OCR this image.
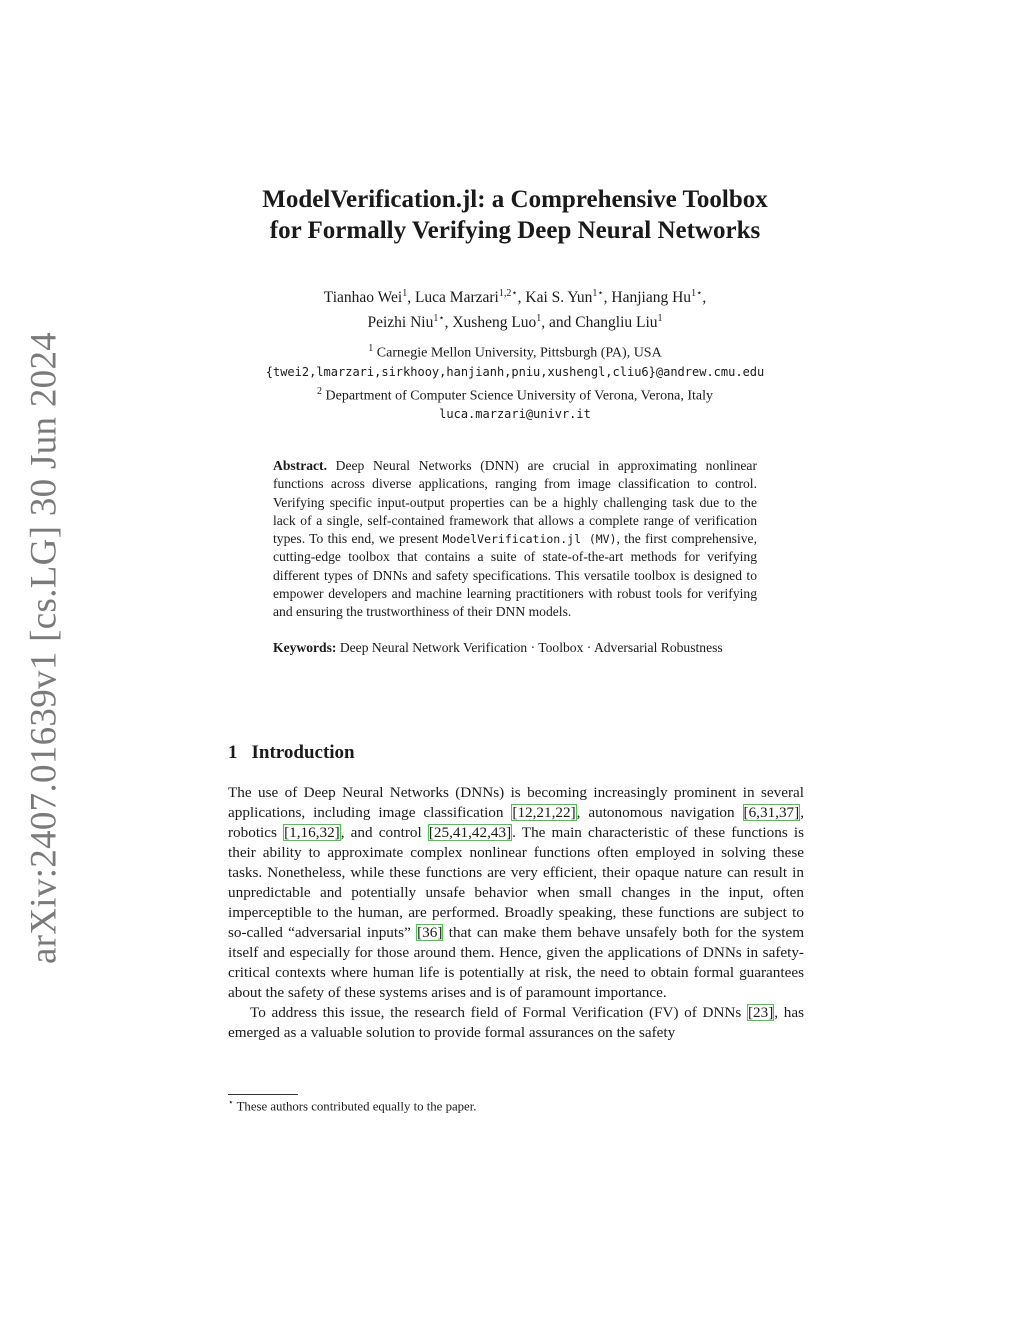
arXiv:2407.01639v1 [cs.LG] 30 Jun 2024
ModelVerification.jl: a Comprehensive Toolbox
for Formally Verifying Deep Neural Networks
Tianhao Wei$^1$, Luca Marzari$^{1,2⋆}$, Kai S. Yun$^{1⋆}$, Hanjiang $Hu^{1⋆}$,
Peizhi Niu$^{1⋆}$, Xusheng Luo$^1$, and Changliu Liu$^1$
$^1$ Carnegie Mellon University, Pittsburgh (PA), USA
{twei2,lmarzari,sirkhooy,hanjianh,pniu,xushengl,cliu6}@andrew.cmu.edu
$^2$ Department of Computer Science University of Verona, Verona, Italy
luca.marzari@univr.it

Abstract. Deep Neural Networks (DNN) are crucial in approximating nonlinear functions across diverse applications, ranging from image classification to control. Verifying specific input-output properties can be a highly challenging task due to the lack of a single, self-contained framework that allows a complete range of verification types. To this end, we present ModelVerification.jl (MV), the first comprehensive, cutting-edge toolbox that contains a suite of state-of-the-art methods for verifying different types of DNNs and safety specifications. This versatile toolbox is designed to empower developers and machine learning practitioners with robust tools for verifying and ensuring the trustworthiness of their DNN models.

Keywords: Deep Neural Network Verification · Toolbox · Adversarial Robustness

1 Introduction

The use of Deep Neural Networks (DNNs) is becoming increasingly prominent in several applications, including image classification [12,21,22], autonomous navigation [6,31,37], robotics [1,16,32], and control [25,41,42,43]. The main characteristic of these functions is their ability to approximate complex nonlinear functions often employed in solving these tasks. Nonetheless, while these functions are very efficient, their opaque nature can result in unpredictable and potentially unsafe behavior when small changes in the input, often imperceptible to the human, are performed. Broadly speaking, these functions are subject to so-called “adversarial inputs” [36] that can make them behave unsafely both for the system itself and especially for those around them. Hence, given the applications of DNNs in safety-critical contexts where human life is potentially at risk, the need to obtain formal guarantees about the safety of these systems arises and is of paramount importance.

To address this issue, the research field of Formal Verification (FV) of DNNs [23], has emerged as a valuable solution to provide formal assurances on the safety

⋆ These authors contributed equally to the paper.
